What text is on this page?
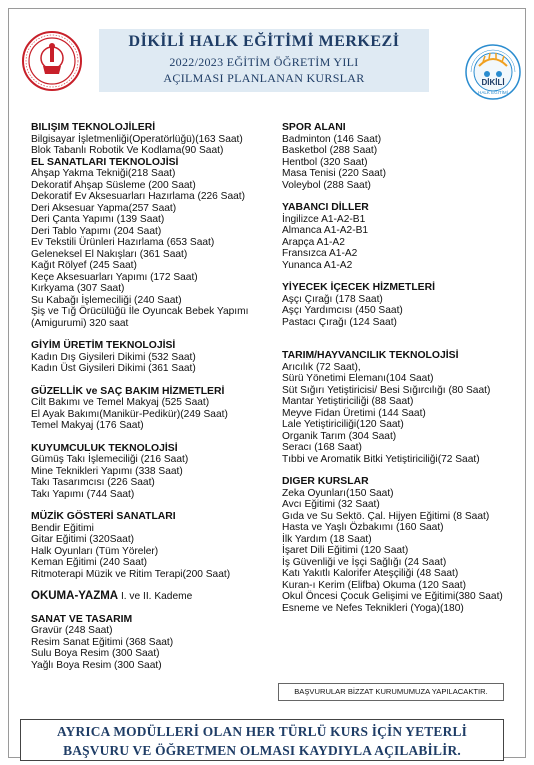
DİKİLİ HALK EĞİTİMİ MERKEZİ
2022/2023 EĞİTİM ÖĞRETİM YILI
AÇILMASI PLANLANAN KURSLAR	DİKİLİ
HALK EĞİTİMİ
BILIŞIM TEKNOLOJİLERİ
Bilgisayar İşletmenliği(Operatörlüğü)(163 Saat)
Blok Tabanlı Robotik Ve Kodlama(90 Saat)
EL SANATLARI TEKNOLOJİSİ
Ahşap Yakma Tekniği(218 Saat)
Dekoratif Ahşap Süsleme (200 Saat)
Dekoratif Ev Aksesuarları Hazırlama (226 Saat)
Deri Aksesuar Yapma(257 Saat)
Deri Çanta Yapımı (139 Saat)
Deri Tablo Yapımı (204 Saat)
Ev Tekstili Ürünleri Hazırlama (653 Saat)
Geleneksel El Nakışları (361 Saat)
Kağıt Rölyef (245 Saat)
Keçe Aksesuarları Yapımı (172 Saat)
Kırkyama (307 Saat)
Su Kabağı İşlemeciliği (240 Saat)
Şiş ve Tığ Örücülüğü İle Oyuncak Bebek Yapımı
(Amigurumi) 320 saat
GİYİM ÜRETİM TEKNOLOJİSİ
Kadın Dış Giysileri Dikimi (532 Saat)
Kadın Üst Giysileri Dikimi (361 Saat)
GÜZELLİK ve SAÇ BAKIM HİZMETLERİ
Cilt Bakımı ve Temel Makyaj (525 Saat)
El Ayak Bakımı(Manikür-Pedikür)(249 Saat)
Temel Makyaj (176 Saat)
KUYUMCULUK TEKNOLOJİSİ
Gümüş Takı İşlemeciliği (216 Saat)
Mine Teknikleri Yapımı (338 Saat)
Takı Tasarımcısı (226 Saat)
Takı Yapımı (744 Saat)
MÜZİK GÖSTERİ SANATLARI
Bendir Eğitimi
Gitar Eğitimi (320Saat)
Halk Oyunları (Tüm Yöreler)
Keman Eğitimi (240 Saat)
Ritmoterapi Müzik ve Ritim Terapi(200 Saat)
OKUMA-YAZMA I. ve II. Kademe
SANAT VE TASARIM
Gravür (248 Saat)
Resim Sanat Eğitimi (368 Saat)
Sulu Boya Resim (300 Saat)
Yağlı Boya Resim (300 Saat)
SPOR ALANI
Badminton (146 Saat)
Basketbol (288 Saat)
Hentbol (320 Saat)
Masa Tenisi (220 Saat)
Voleybol (288 Saat)
YABANCI DİLLER
İngilizce A1-A2-B1
Almanca A1-A2-B1
Arapça A1-A2
Fransızca A1-A2
Yunanca A1-A2
YİYECEK İÇECEK HİZMETLERİ
Aşçı Çırağı (178 Saat)
Aşçı Yardımcısı (450 Saat)
Pastacı Çırağı (124 Saat)
TARIM/HAYVANCILIK TEKNOLOJİSİ
Arıcılık (72 Saat),
Sürü Yönetimi Elemanı(104 Saat)
Süt Sığırı Yetiştiricisi/ Besi Sığırcılığı (80 Saat)
Mantar Yetiştiriciliği (88 Saat)
Meyve Fidan Üretimi (144 Saat)
Lale Yetiştiriciliği(120 Saat)
Organik Tarım (304 Saat)
Seracı (168 Saat)
Tıbbi ve Aromatik Bitki Yetiştiriciliği(72 Saat)
DIGER KURSLAR
Zeka Oyunları(150 Saat)
Avcı Eğitimi (32 Saat)
Gıda ve Su Sektö. Çal. Hijyen Eğitimi (8 Saat)
Hasta ve Yaşlı Özbakımı (160 Saat)
İlk Yardım (18 Saat)
İşaret Dili Eğitimi (120 Saat)
İş Güvenliği ve İşçi Sağlığı (24 Saat)
Katı Yakıtlı Kalorifer Ateşçiliği (48 Saat)
Kuran-ı Kerim (Elifba) Okuma (120 Saat)
Okul Öncesi Çocuk Gelişimi ve Eğitimi(380 Saat)
Esneme ve Nefes Teknikleri (Yoga)(180)
BAŞVURULAR BİZZAT KURUMUMUZA YAPILACAKTIR.
AYRICA MODÜLLERİ OLAN HER TÜRLÜ KURS İÇİN YETERLİ
BAŞVURU VE ÖĞRETMEN OLMASI KAYDIYLA AÇILABİLİR.
